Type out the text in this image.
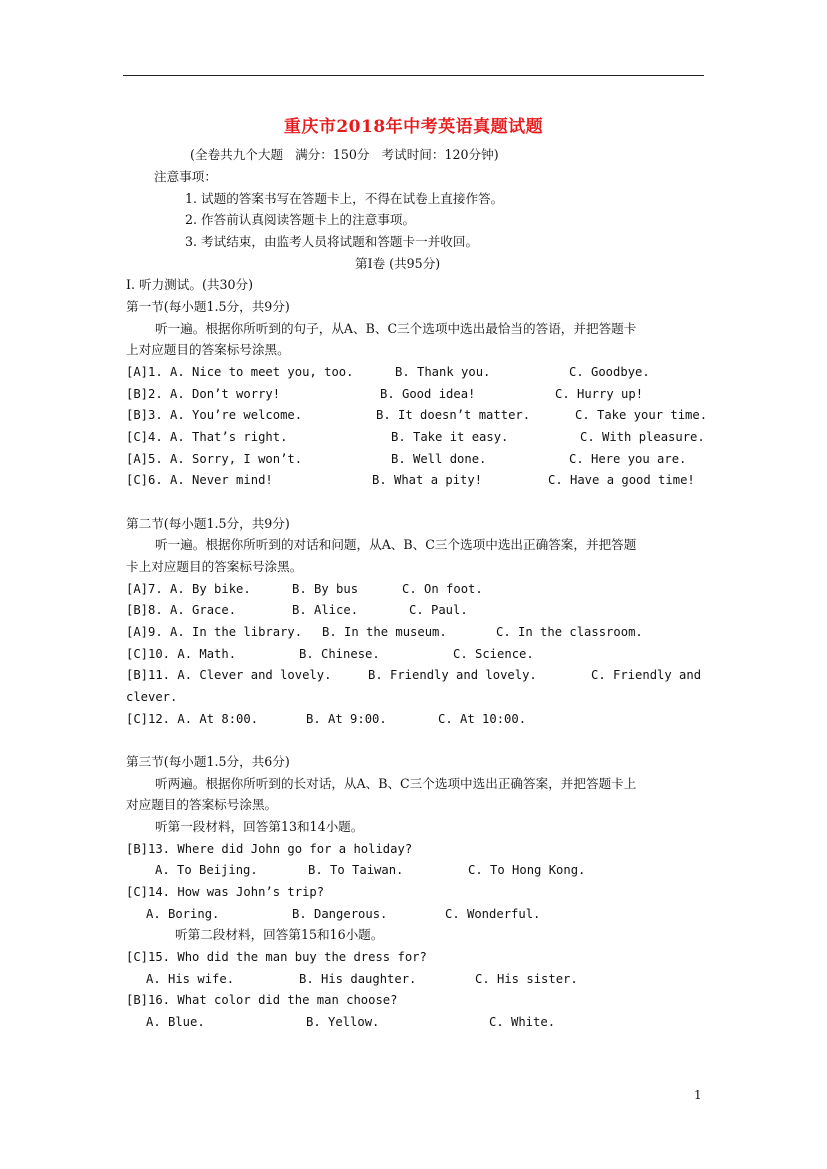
重庆市2018年中考英语真题试题
(全卷共九个大题   满分：150分   考试时间：120分钟)
注意事项：
1. 试题的答案书写在答题卡上，不得在试卷上直接作答。
2. 作答前认真阅读答题卡上的注意事项。
3. 考试结束，由监考人员将试题和答题卡一并收回。
第Ⅰ卷 (共95分)
I. 听力测试。(共30分)
第一节(每小题1.5分，共9分)
听一遍。根据你所听到的句子，从A、B、C三个选项中选出最恰当的答语，并把答题卡
上对应题目的答案标号涂黑。
[A]1. A. Nice to meet you, too.	B. Thank you.	C. Goodbye.
[B]2. A. Don’t worry!	B. Good idea!	C. Hurry up!
[B]3. A. You’re welcome.	B. It doesn’t matter.	C. Take your time.
[C]4. A. That’s right.	B. Take it easy.	C. With pleasure.
[A]5. A. Sorry, I won’t.	B. Well done.	C. Here you are.
[C]6. A. Never mind!	B. What a pity!	C. Have a good time!
第二节(每小题1.5分，共9分)
听一遍。根据你所听到的对话和问题，从A、B、C三个选项中选出正确答案，并把答题
卡上对应题目的答案标号涂黑。
[A]7. A. By bike.	B. By bus	C. On foot.
[B]8. A. Grace.	B. Alice.	C. Paul.
[A]9. A. In the library. B. In the museum.	C. In the classroom.
[C]10. A. Math.	B. Chinese.	C. Science.
[B]11. A. Clever and lovely.	B. Friendly and lovely.	C. Friendly and
clever.
[C]12. A. At 8:00.	B. At 9:00.	C. At 10:00.
第三节(每小题1.5分，共6分)
听两遍。根据你所听到的长对话，从A、B、C三个选项中选出正确答案，并把答题卡上
对应题目的答案标号涂黑。
听第一段材料，回答第13和14小题。
[B]13. Where did John go for a holiday?
A. To Beijing.	B. To Taiwan.	C. To Hong Kong.
[C]14. How was John’s trip?
A. Boring.	B. Dangerous.	C. Wonderful.
听第二段材料，回答第15和16小题。
[C]15. Who did the man buy the dress for?
A. His wife.	B. His daughter.	C. His sister.
[B]16. What color did the man choose?
A. Blue.	B. Yellow.	C. White.
1
